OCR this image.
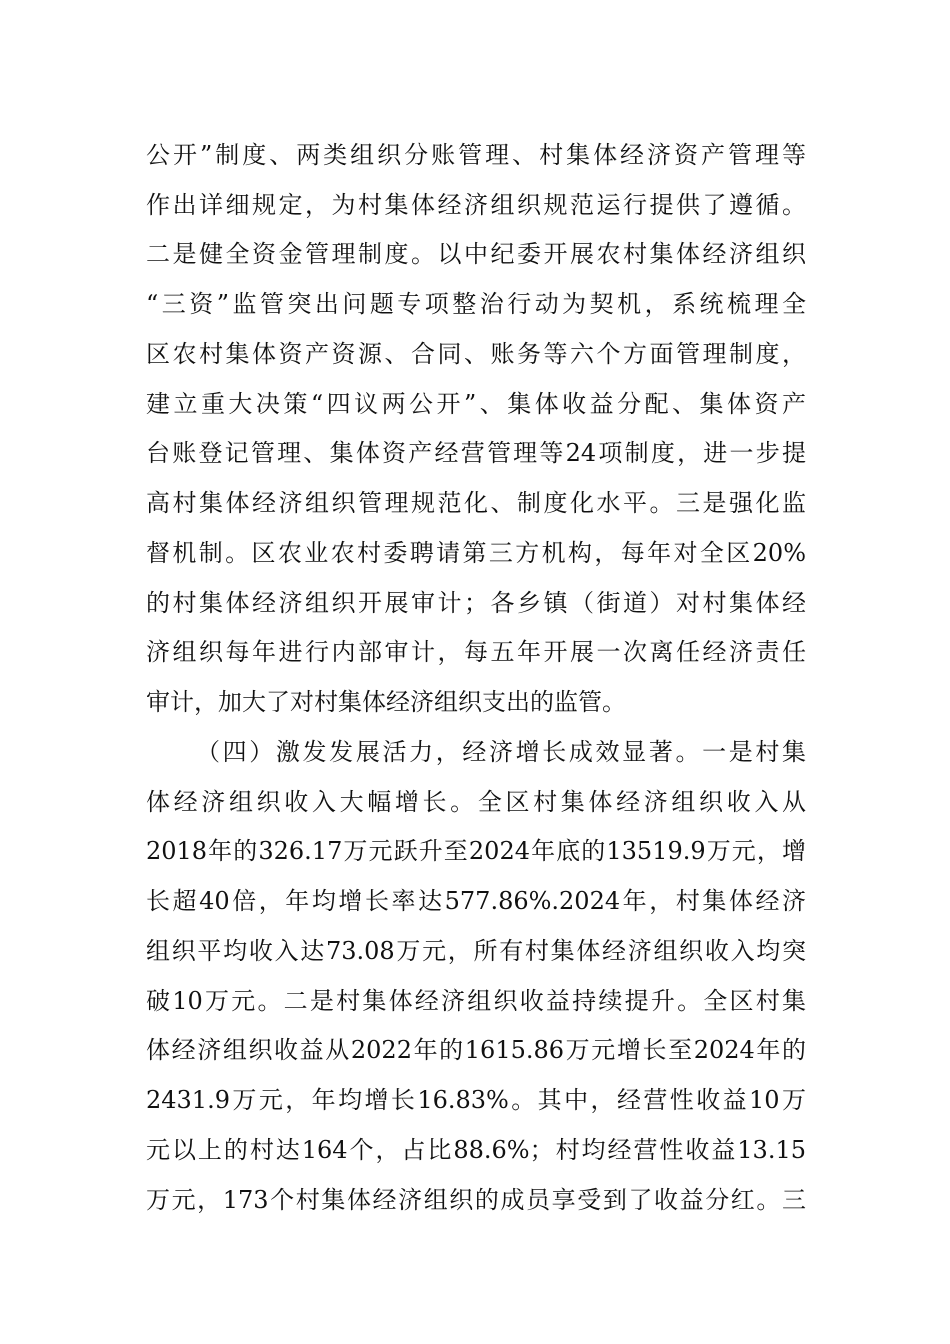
公开”制度、两类组织分账管理、村集体经济资产管理等
作出详细规定，为村集体经济组织规范运行提供了遵循。
二是健全资金管理制度。以中纪委开展农村集体经济组织
“三资”监管突出问题专项整治行动为契机，系统梳理全
区农村集体资产资源、合同、账务等六个方面管理制度，
建立重大决策“四议两公开”、集体收益分配、集体资产
台账登记管理、集体资产经营管理等24项制度，进一步提
高村集体经济组织管理规范化、制度化水平。三是强化监
督机制。区农业农村委聘请第三方机构，每年对全区20%
的村集体经济组织开展审计；各乡镇（街道）对村集体经
济组织每年进行内部审计，每五年开展一次离任经济责任
审计，加大了对村集体经济组织支出的监管。
（四）激发发展活力，经济增长成效显著。一是村集
体经济组织收入大幅增长。全区村集体经济组织收入从
2018年的326.17万元跃升至2024年底的13519.9万元，增
长超40倍，年均增长率达577.86%.2024年，村集体经济
组织平均收入达73.08万元，所有村集体经济组织收入均突
破10万元。二是村集体经济组织收益持续提升。全区村集
体经济组织收益从2022年的1615.86万元增长至2024年的
2431.9万元，年均增长16.83%。其中，经营性收益10万
元以上的村达164个，占比88.6%；村均经营性收益13.15
万元，173个村集体经济组织的成员享受到了收益分红。三
